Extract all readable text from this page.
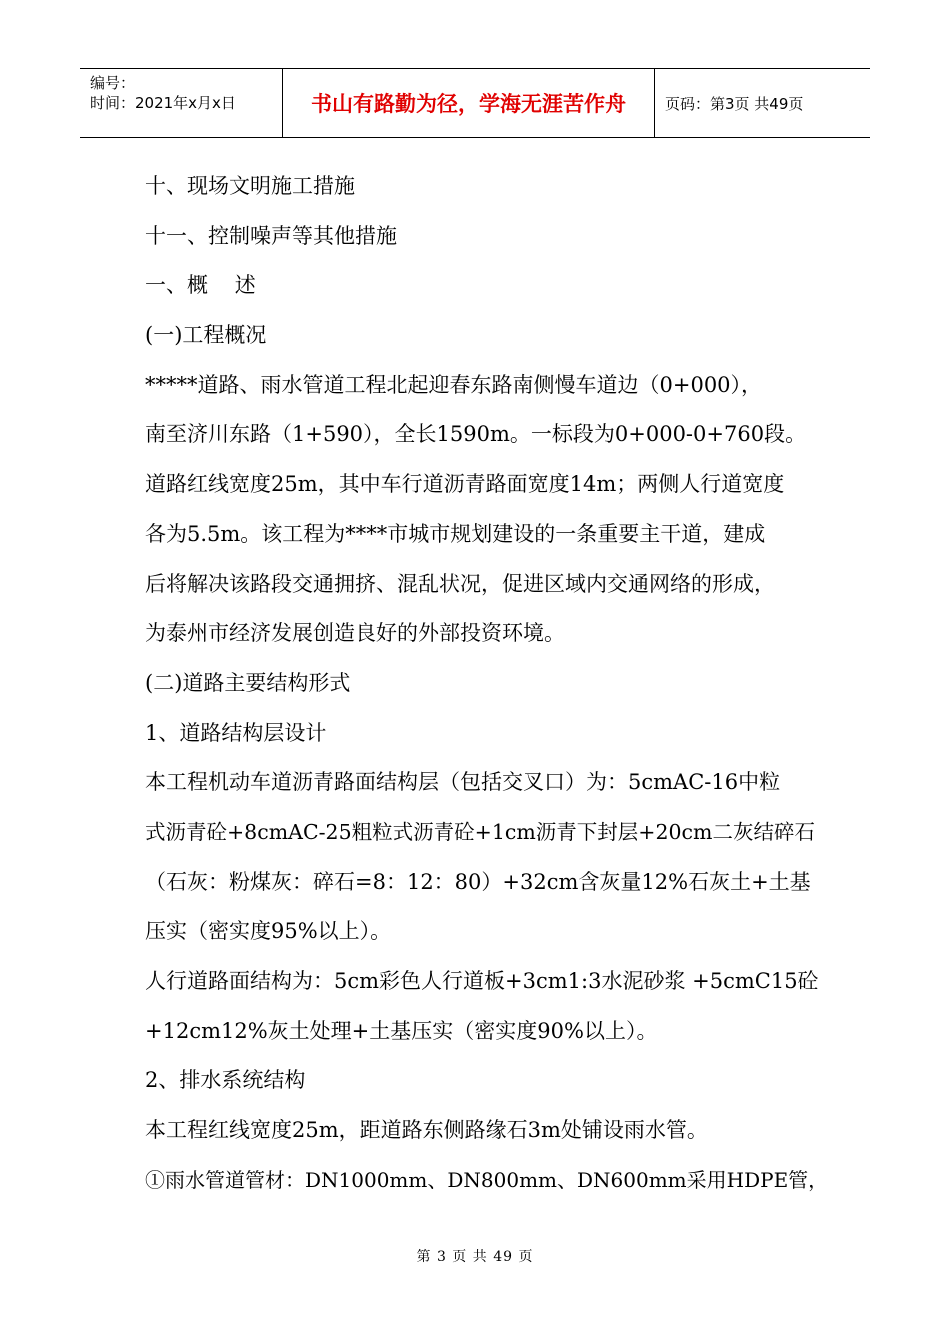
编号：
时间：2021年x月x日	书山有路勤为径，学海无涯苦作舟	页码：第3页 共49页
十、现场文明施工措施
十一、控制噪声等其他措施
一、概    述
(一)工程概况
*****道路、雨水管道工程北起迎春东路南侧慢车道边（0+000），
南至济川东路（1+590），全长1590m。一标段为0+000-0+760段。
道路红线宽度25m，其中车行道沥青路面宽度14m；两侧人行道宽度
各为5.5m。该工程为****市城市规划建设的一条重要主干道，建成
后将解决该路段交通拥挤、混乱状况，促进区域内交通网络的形成，
为泰州市经济发展创造良好的外部投资环境。
(二)道路主要结构形式
1、道路结构层设计
本工程机动车道沥青路面结构层（包括交叉口）为：5cmAC-16中粒
式沥青砼+8cmAC-25粗粒式沥青砼+1cm沥青下封层+20cm二灰结碎石
（石灰：粉煤灰：碎石=8：12：80）+32cm含灰量12%石灰土+土基
压实（密实度95%以上）。
人行道路面结构为：5cm彩色人行道板+3cm1:3水泥砂浆 +5cmC15砼
+12cm12%灰土处理+土基压实（密实度90%以上）。
2、排水系统结构
本工程红线宽度25m，距道路东侧路缘石3m处铺设雨水管。
①雨水管道管材：DN1000mm、DN800mm、DN600mm采用HDPE管，
第 3 页 共 49 页
